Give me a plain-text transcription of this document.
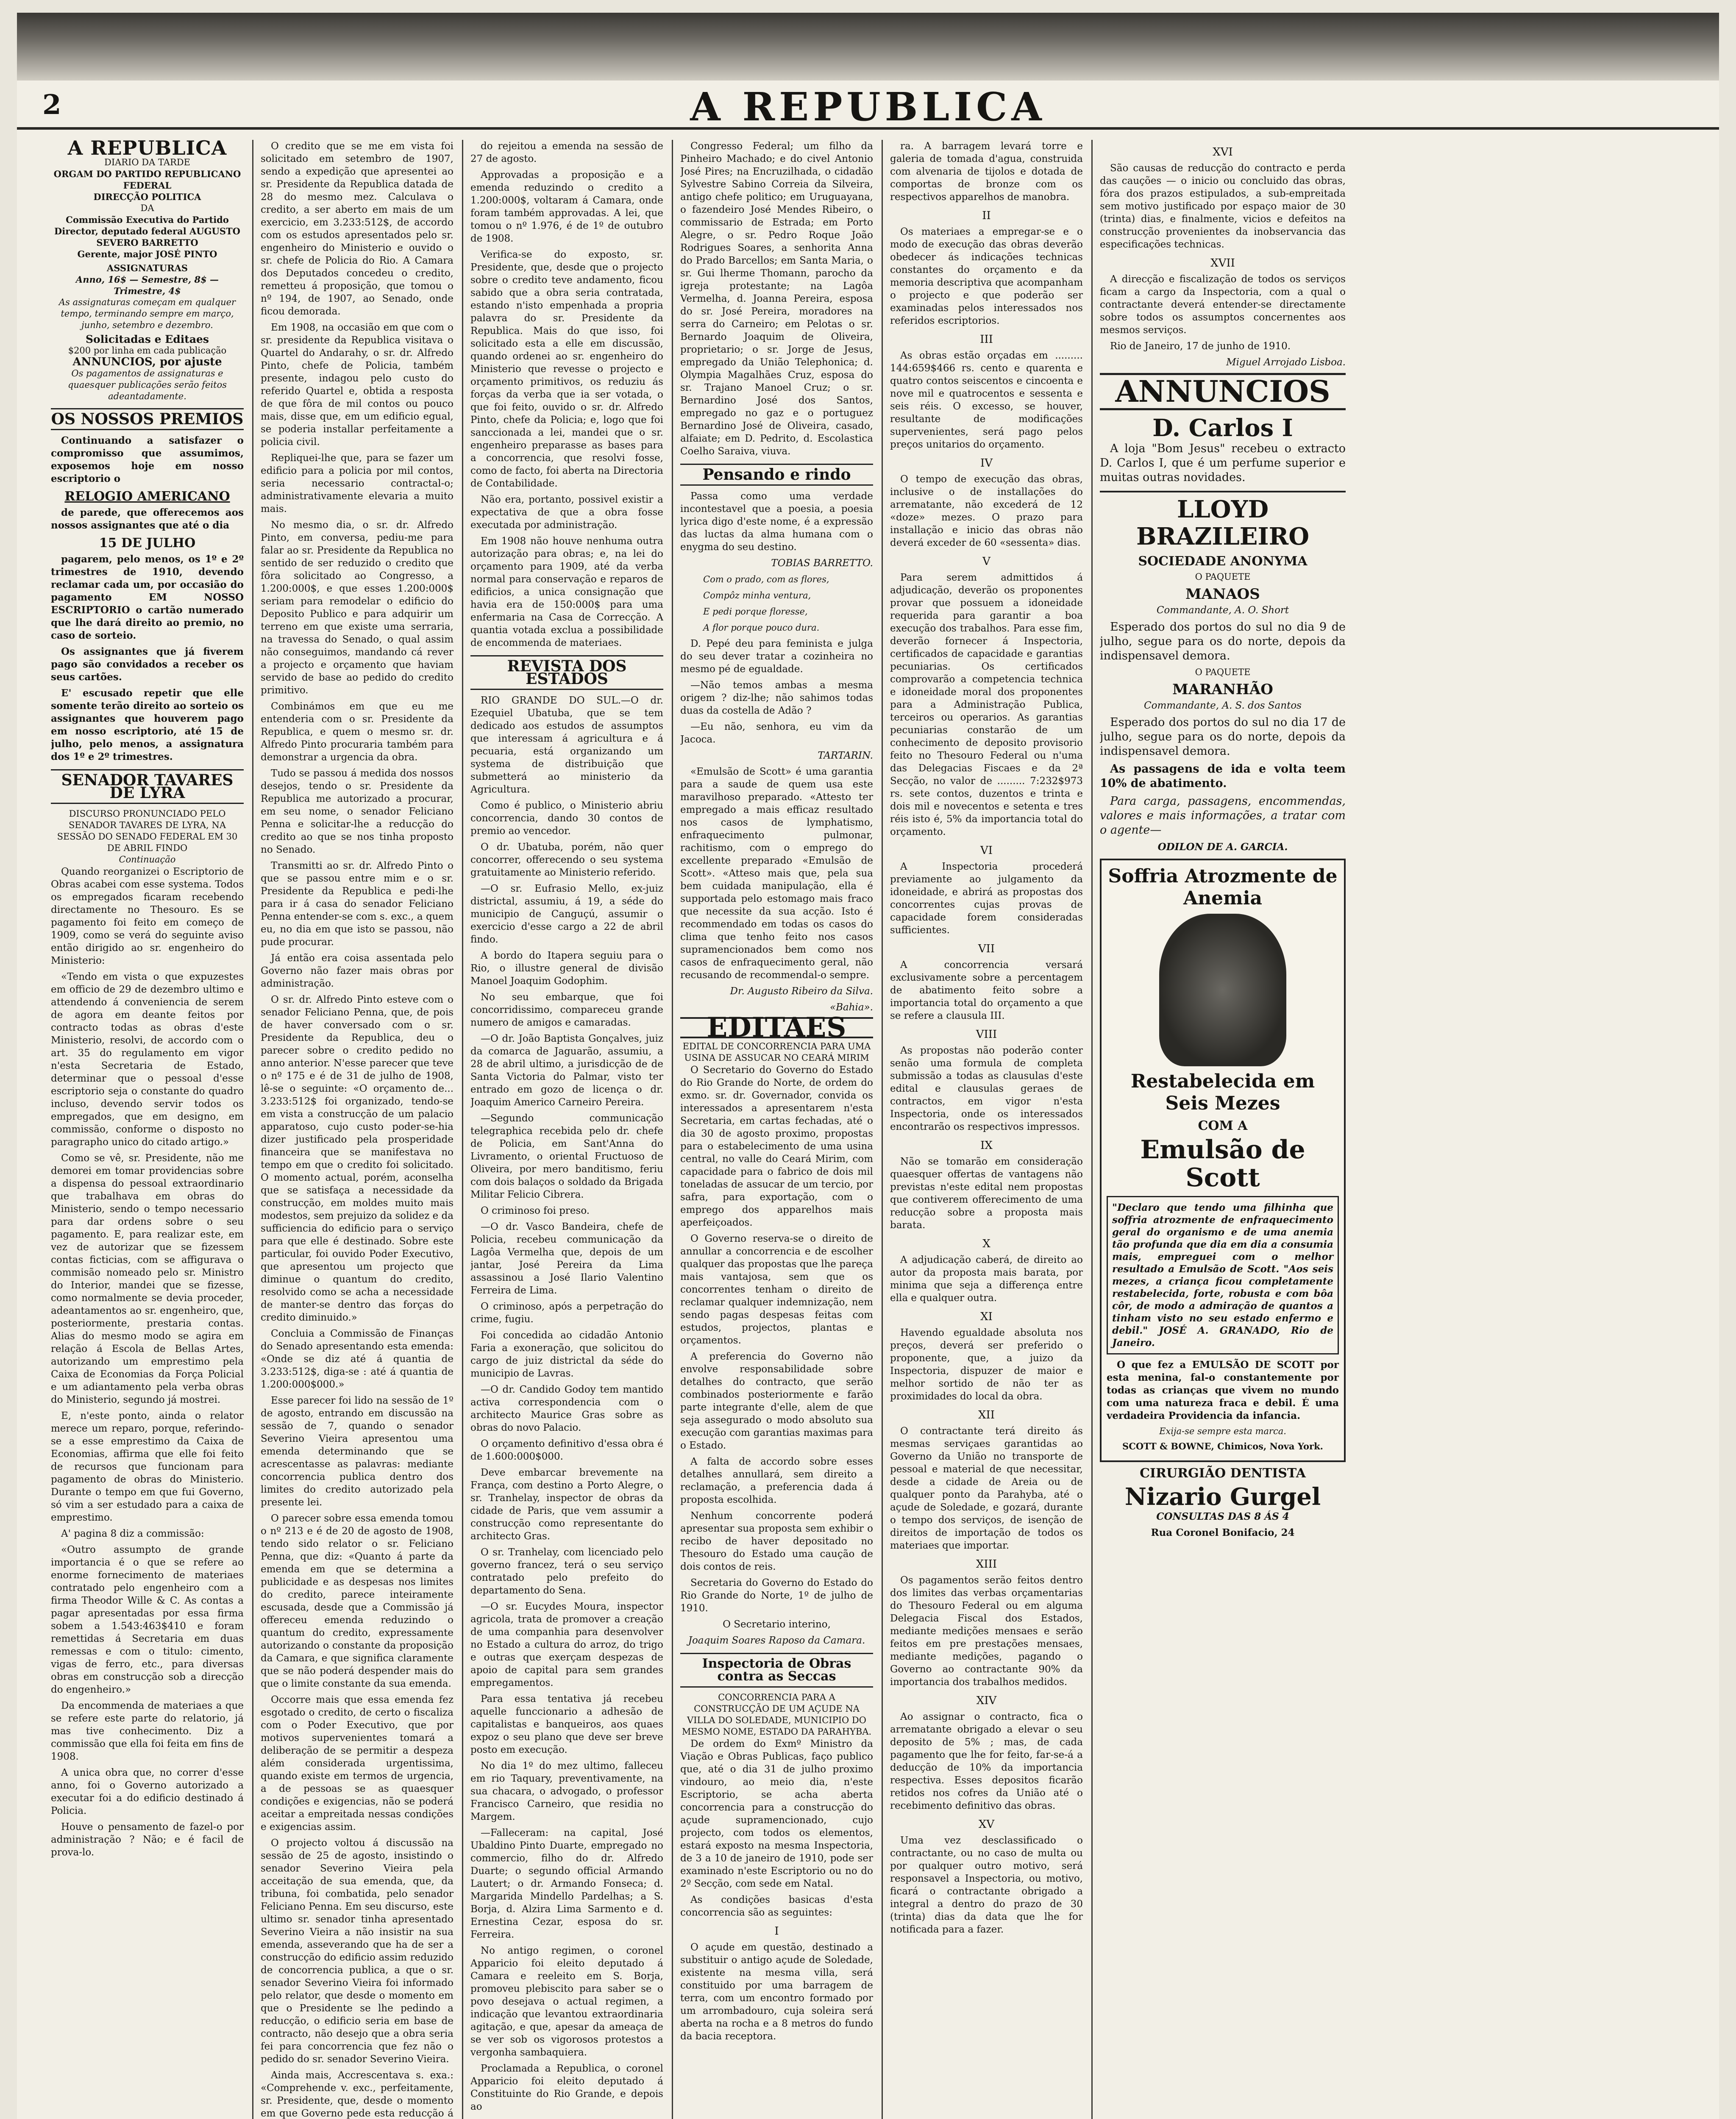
2	A REPUBLICA
A REPUBLICA
DIARIO DA TARDE
ORGAM DO PARTIDO REPUBLICANO FEDERAL
DIRECÇÃO POLITICA
DA
Commissão Executiva do Partido
Director, deputado federal AUGUSTO SEVERO BARRETTO
Gerente, major JOSÉ PINTO
ASSIGNATURAS
Anno, 16$ — Semestre, 8$ — Trimestre, 4$
As assignaturas começam em qualquer tempo, terminando sempre em março, junho, setembro e dezembro.
Solicitadas e Editaes
$200 por linha em cada publicação
ANNUNCIOS, por ajuste
Os pagamentos de assignaturas e quaesquer publicações serão feitos adeantadamente.
OS NOSSOS PREMIOS

Continuando a satisfazer o compromisso que assumimos, exposemos hoje em nosso escriptorio o

RELOGIO AMERICANO

de parede, que offerecemos aos nossos assignantes que até o dia

15 DE JULHO

pagarem, pelo menos, os 1º e 2º trimestres de 1910, devendo reclamar cada um, por occasião do pagamento EM NOSSO ESCRIPTORIO o cartão numerado que lhe dará direito ao premio, no caso de sorteio.

Os assignantes que já fiverem pago são convidados a receber os seus cartões.

E' escusado repetir que elle somente terão direito ao sorteio os assignantes que houverem pago em nosso escriptorio, até 15 de julho, pelo menos, a assignatura dos 1º e 2º trimestres.

SENADOR TAVARES DE LYRA
DISCURSO PRONUNCIADO PELO SENADOR TAVARES DE LYRA, NA SESSÃO DO SENADO FEDERAL EM 30 DE ABRIL FINDO
Continuação

Quando reorganizei o Escriptorio de Obras acabei com esse systema. Todos os empregados ficaram recebendo directamente no Thesouro. Es se pagamento foi feito em começo de 1909, como se verá do seguinte aviso então dirigido ao sr. engenheiro do Ministerio:

«Tendo em vista o que expuzestes em officio de 29 de dezembro ultimo e attendendo á conveniencia de serem de agora em deante feitos por contracto todas as obras d'este Ministerio, resolvi, de accordo com o art. 35 do regulamento em vigor n'esta Secretaria de Estado, determinar que o pessoal d'esse escriptorio seja o constante do quadro incluso, devendo servir todos os empregados, que em designo, em commissão, conforme o disposto no paragrapho unico do citado artigo.»

Como se vê, sr. Presidente, não me demorei em tomar providencias sobre a dispensa do pessoal extraordinario que trabalhava em obras do Ministerio, sendo o tempo necessario para dar ordens sobre o seu pagamento. E, para realizar este, em vez de autorizar que se fizessem contas ficticias, com se affigurava o commisão nomeado pelo sr. Ministro do Interior, mandei que se fizesse, como normalmente se devia proceder, adeantamentos ao sr. engenheiro, que, posteriormente, prestaria contas. Alias do mesmo modo se agira em relação á Escola de Bellas Artes, autorizando um emprestimo pela Caixa de Economias da Força Policial e um adiantamento pela verba obras do Ministerio, segundo já mostrei.

E, n'este ponto, ainda o relator merece um reparo, porque, referindo-se a esse emprestimo da Caixa de Economias, affirma que elle foi feito de recursos que funcionam para pagamento de obras do Ministerio. Durante o tempo em que fui Governo, só vim a ser estudado para a caixa de emprestimo.

A' pagina 8 diz a commissão:

«Outro assumpto de grande importancia é o que se refere ao enorme fornecimento de materiaes contratado pelo engenheiro com a firma Theodor Wille & C. As contas a pagar apresentadas por essa firma sobem a 1.543:463$410 e foram remettidas á Secretaria em duas remessas e com o titulo: cimento, vigas de ferro, etc., para diversas obras em construcção sob a direcção do engenheiro.»

Da encommenda de materiaes a que se refere este parte do relatorio, já mas tive conhecimento. Diz a commissão que ella foi feita em fins de 1908.

A unica obra que, no correr d'esse anno, foi o Governo autorizado a executar foi a do edificio destinado á Policia.

Houve o pensamento de fazel-o por administração ? Não; e é facil de prova-lo.

O credito que se me em vista foi solicitado em setembro de 1907, sendo a expedição que apresentei ao sr. Presidente da Republica datada de 28 do mesmo mez. Calculava o credito, a ser aberto em mais de um exercicio, em 3.233:512$, de accordo com os estudos apresentados pelo sr. engenheiro do Ministerio e ouvido o sr. chefe de Policia do Rio. A Camara dos Deputados concedeu o credito, remetteu á proposição, que tomou o nº 194, de 1907, ao Senado, onde ficou demorada.

Em 1908, na occasião em que com o sr. presidente da Republica visitava o Quartel do Andarahy, o sr. dr. Alfredo Pinto, chefe de Policia, também presente, indagou pelo custo do referido Quartel e, obtida a resposta de que fôra de mil contos ou pouco mais, disse que, em um edificio egual, se poderia installar perfeitamente a policia civil.

Repliquei-lhe que, para se fazer um edificio para a policia por mil contos, seria necessario contractal-o; administrativamente elevaria a muito mais.

No mesmo dia, o sr. dr. Alfredo Pinto, em conversa, pediu-me para falar ao sr. Presidente da Republica no sentido de ser reduzido o credito que fôra solicitado ao Congresso, a 1.200:000$, e que esses 1.200:000$ seriam para remodelar o edificio do Deposito Publico e para adquirir um terreno em que existe uma serraria, na travessa do Senado, o qual assim não conseguimos, mandando cá rever a projecto e orçamento que haviam servido de base ao pedido do credito primitivo.

Combinámos em que eu me entenderia com o sr. Presidente da Republica, e quem o mesmo sr. dr. Alfredo Pinto procuraria também para demonstrar a urgencia da obra.

Tudo se passou á medida dos nossos desejos, tendo o sr. Presidente da Republica me autorizado a procurar, em seu nome, o senador Feliciano Penna e solicitar-lhe a reducção do credito ao que se nos tinha proposto no Senado.

Transmitti ao sr. dr. Alfredo Pinto o que se passou entre mim e o sr. Presidente da Republica e pedi-lhe para ir á casa do senador Feliciano Penna entender-se com s. exc., a quem eu, no dia em que isto se passou, não pude procurar.

Já então era coisa assentada pelo Governo não fazer mais obras por administração.

O sr. dr. Alfredo Pinto esteve com o senador Feliciano Penna, que, de pois de haver conversado com o sr. Presidente da Republica, deu o parecer sobre o credito pedido no anno anterior. N'esse parecer que teve o nº 175 e é de 31 de julho de 1908, lê-se o seguinte: «O orçamento de... 3.233:512$ foi organizado, tendo-se em vista a construcção de um palacio apparatoso, cujo custo poder-se-hia dizer justificado pela prosperidade financeira que se manifestava no tempo em que o credito foi solicitado. O momento actual, porém, aconselha que se satisfaça a necessidade da construcção, em moldes muito mais modestos, sem prejuizo da solidez e da sufficiencia do edificio para o serviço para que elle é destinado. Sobre este particular, foi ouvido Poder Executivo, que apresentou um projecto que diminue o quantum do credito, resolvido como se acha a necessidade de manter-se dentro das forças do credito diminuido.»

Concluia a Commissão de Finanças do Senado apresentando esta emenda: «Onde se diz até á quantia de 3.233:512$, diga-se : até á quantia de 1.200:000$000.»

Esse parecer foi lido na sessão de 1º de agosto, entrando em discussão na sessão de 7, quando o senador Severino Vieira apresentou uma emenda determinando que se acrescentasse as palavras: mediante concorrencia publica dentro dos limites do credito autorizado pela presente lei.

O parecer sobre essa emenda tomou o nº 213 e é de 20 de agosto de 1908, tendo sido relator o sr. Feliciano Penna, que diz: «Quanto á parte da emenda em que se determina a publicidade e as despesas nos limites do credito, parece inteiramente escusada, desde que a Commissão já offereceu emenda reduzindo o quantum do credito, expressamente autorizando o constante da proposição da Camara, e que significa claramente que se não poderá despender mais do que o limite constante da sua emenda.

Occorre mais que essa emenda fez esgotado o credito, de certo o fiscaliza com o Poder Executivo, que por motivos supervenientes tomará a deliberação de se permitir a despeza além considerada urgentissima, quando existe em termos de urgencia, a de pessoas se as quaesquer condições e exigencias, não se poderá aceitar a empreitada nessas condições e exigencias assim.

O projecto voltou á discussão na sessão de 25 de agosto, insistindo o senador Severino Vieira pela acceitação de sua emenda, que, da tribuna, foi combatida, pelo senador Feliciano Penna. Em seu discurso, este ultimo sr. senador tinha apresentado Severino Vieira a não insistir na sua emenda, asseverando que ha de ser a construcção do edificio assim reduzido de concorrencia publica, a que o sr. senador Severino Vieira foi informado pelo relator, que desde o momento em que o Presidente se lhe pedindo a reducção, o edificio seria em base de contracto, não desejo que a obra seria fei para concorrencia que fez não o pedido do sr. senador Severino Vieira.

Ainda mais, Accrescentava s. exa.: «Comprehende v. exc., perfeitamente, sr. Presidente, que, desde o momento em que Governo pede esta reducção á

do rejeitou a emenda na sessão de 27 de agosto.

Approvadas a proposição e a emenda reduzindo o credito a 1.200:000$, voltaram á Camara, onde foram também approvadas. A lei, que tomou o nº 1.976, é de 1º de outubro de 1908.

Verifica-se do exposto, sr. Presidente, que, desde que o projecto sobre o credito teve andamento, ficou sabido que a obra seria contratada, estando n'isto empenhada a propria palavra do sr. Presidente da Republica. Mais do que isso, foi solicitado esta a elle em discussão, quando ordenei ao sr. engenheiro do Ministerio que revesse o projecto e orçamento primitivos, os reduziu ás forças da verba que ia ser votada, o que foi feito, ouvido o sr. dr. Alfredo Pinto, chefe da Policia; e, logo que foi sanccionada a lei, mandei que o sr. engenheiro preparasse as bases para a concorrencia, que resolvi fosse, como de facto, foi aberta na Directoria de Contabilidade.

Não era, portanto, possivel existir a expectativa de que a obra fosse executada por administração.

Em 1908 não houve nenhuma outra autorização para obras; e, na lei do orçamento para 1909, até da verba normal para conservação e reparos de edificios, a unica consignação que havia era de 150:000$ para uma enfermaria na Casa de Correcção. A quantia votada exclua a possibilidade de encommenda de materiaes.

REVISTA DOS ESTADOS

RIO GRANDE DO SUL.—O dr. Ezequiel Ubatuba, que se tem dedicado aos estudos de assumptos que interessam á agricultura e á pecuaria, está organizando um systema de distribuição que submetterá ao ministerio da Agricultura.

Como é publico, o Ministerio abriu concorrencia, dando 30 contos de premio ao vencedor.

O dr. Ubatuba, porém, não quer concorrer, offerecendo o seu systema gratuitamente ao Ministerio referido.

—O sr. Eufrasio Mello, ex-juiz districtal, assumiu, á 19, a séde do municipio de Canguçú, assumir o exercicio d'esse cargo a 22 de abril findo.

A bordo do Itapera seguiu para o Rio, o illustre general de divisão Manoel Joaquim Godophim.

No seu embarque, que foi concorridissimo, compareceu grande numero de amigos e camaradas.

—O dr. João Baptista Gonçalves, juiz da comarca de Jaguarão, assumiu, a 28 de abril ultimo, a jurisdicção de de Santa Victoria do Palmar, visto ter entrado em gozo de licença o dr. Joaquim Americo Carneiro Pereira.

—Segundo communicação telegraphica recebida pelo dr. chefe de Policia, em Sant'Anna do Livramento, o oriental Fructuoso de Oliveira, por mero banditismo, feriu com dois balaços o soldado da Brigada Militar Felicio Cibrera.

O criminoso foi preso.

—O dr. Vasco Bandeira, chefe de Policia, recebeu communicação da Lagôa Vermelha que, depois de um jantar, José Pereira da Lima assassinou a José Ilario Valentino Ferreira de Lima.

O criminoso, após a perpetração do crime, fugiu.

Foi concedida ao cidadão Antonio Faria a exoneração, que solicitou do cargo de juiz districtal da séde do municipio de Lavras.

—O dr. Candido Godoy tem mantido activa correspondencia com o architecto Maurice Gras sobre as obras do novo Palacio.

O orçamento definitivo d'essa obra é de 1.600:000$000.

Deve embarcar brevemente na França, com destino a Porto Alegre, o sr. Tranhelay, inspector de obras da cidade de Paris, que vem assumir a construcção como representante do architecto Gras.

O sr. Tranhelay, com licenciado pelo governo francez, terá o seu serviço contratado pelo prefeito do departamento do Sena.

—O sr. Eucydes Moura, inspector agricola, trata de promover a creação de uma companhia para desenvolver no Estado a cultura do arroz, do trigo e outras que exerçam despezas de apoio de capital para sem grandes empregamentos.

Para essa tentativa já recebeu aquelle funccionario a adhesão de capitalistas e banqueiros, aos quaes expoz o seu plano que deve ser breve posto em execução.

No dia 1º do mez ultimo, falleceu em rio Taquary, preventivamente, na sua chacara, o advogado, o professor Francisco Carneiro, que residia no Margem.

—Falleceram: na capital, José Ubaldino Pinto Duarte, empregado no commercio, filho do dr. Alfredo Duarte; o segundo official Armando Lautert; o dr. Armando Fonseca; d. Margarida Mindello Pardelhas; a S. Borja, d. Alzira Lima Sarmento e d. Ernestina Cezar, esposa do sr. Ferreira.

No antigo regimen, o coronel Apparicio foi eleito deputado á Camara e reeleito em S. Borja, promoveu plebiscito para saber se o povo desejava o actual regimen, a indicação que levantou extraordinaria agitação, e que, apesar da ameaça de se ver sob os vigorosos protestos a vergonha sambaquiera.

Proclamada a Republica, o coronel Apparicio foi eleito deputado á Constituinte do Rio Grande, e depois ao

Congresso Federal; um filho da Pinheiro Machado; e do civel Antonio José Pires; na Encruzilhada, o cidadão Sylvestre Sabino Correia da Silveira, antigo chefe politico; em Uruguayana, o fazendeiro José Mendes Ribeiro, o commissario de Estrada; em Porto Alegre, o sr. Pedro Roque João Rodrigues Soares, a senhorita Anna do Prado Barcellos; em Santa Maria, o sr. Gui lherme Thomann, parocho da igreja protestante; na Lagôa Vermelha, d. Joanna Pereira, esposa do sr. José Pereira, moradores na serra do Carneiro; em Pelotas o sr. Bernardo Joaquim de Oliveira, proprietario; o sr. Jorge de Jesus, empregado da União Telephonica; d. Olympia Magalhães Cruz, esposa do sr. Trajano Manoel Cruz; o sr. Bernardino José dos Santos, empregado no gaz e o portuguez Bernardino José de Oliveira, casado, alfaiate; em D. Pedrito, d. Escolastica Coelho Saraiva, viuva.

Pensando e rindo

Passa como uma verdade incontestavel que a poesia, a poesia lyrica digo d'este nome, é a expressão das luctas da alma humana com o enygma do seu destino.

TOBIAS BARRETTO.

Com o prado, com as flores,

Compôz minha ventura,

E pedi porque floresse,

A flor porque pouco dura.

D. Pepé deu para feminista e julga do seu dever tratar a cozinheira no mesmo pé de egualdade.

—Não temos ambas a mesma origem ? diz-lhe; não sahimos todas duas da costella de Adão ?

—Eu não, senhora, eu vim da Jacoca.

TARTARIN.

«Emulsão de Scott» é uma garantia para a saude de quem usa este maravilhoso preparado. «Attesto ter empregado a mais efficaz resultado nos casos de lymphatismo, enfraquecimento pulmonar, rachitismo, com o emprego do excellente preparado «Emulsão de Scott». «Atteso mais que, pela sua bem cuidada manipulação, ella é supportada pelo estomago mais fraco que necessite da sua acção. Isto é recommendado em todas os casos do clima que tenho feito nos casos supramencionados bem como nos casos de enfraquecimento geral, não recusando de recommendal-o sempre.

Dr. Augusto Ribeiro da Silva.

«Bahia».

EDITAES
EDITAL DE CONCORRENCIA PARA UMA USINA DE ASSUCAR NO CEARÁ MIRIM

O Secretario do Governo do Estado do Rio Grande do Norte, de ordem do exmo. sr. dr. Governador, convida os interessados a apresentarem n'esta Secretaria, em cartas fechadas, até o dia 30 de agosto proximo, propostas para o estabelecimento de uma usina central, no valle do Ceará Mirim, com capacidade para o fabrico de dois mil toneladas de assucar de um tercio, por safra, para exportação, com o emprego dos apparelhos mais aperfeiçoados.

O Governo reserva-se o direito de annullar a concorrencia e de escolher qualquer das propostas que lhe pareça mais vantajosa, sem que os concorrentes tenham o direito de reclamar qualquer indemnização, nem sendo pagas despesas feitas com estudos, projectos, plantas e orçamentos.

A preferencia do Governo não envolve responsabilidade sobre detalhes do contracto, que serão combinados posteriormente e farão parte integrante d'elle, alem de que seja assegurado o modo absoluto sua execução com garantias maximas para o Estado.

A falta de accordo sobre esses detalhes annullará, sem direito a reclamação, a preferencia dada á proposta escolhida.

Nenhum concorrente poderá apresentar sua proposta sem exhibir o recibo de haver depositado no Thesouro do Estado uma caução de dois contos de reis.

Secretaria do Governo do Estado do Rio Grande do Norte, 1º de julho de 1910.

O Secretario interino,

Joaquim Soares Raposo da Camara.

Inspectoria de Obras contra as Seccas
CONCORRENCIA PARA A CONSTRUCÇÃO DE UM AÇUDE NA VILLA DO SOLEDADE, MUNICIPIO DO MESMO NOME, ESTADO DA PARAHYBA.

De ordem do Exmº Ministro da Viação e Obras Publicas, faço publico que, até o dia 31 de julho proximo vindouro, ao meio dia, n'este Escriptorio, se acha aberta concorrencia para a construcção do açude supramencionado, cujo projecto, com todos os elementos, estará exposto na mesma Inspectoria, de 3 a 10 de janeiro de 1910, pode ser examinado n'este Escriptorio ou no do 2º Secção, com sede em Natal.

As condições basicas d'esta concorrencia são as seguintes:

I

O açude em questão, destinado a substituir o antigo açude de Soledade, existente na mesma villa, será constituido por uma barragem de terra, com um encontro formado por um arrombadouro, cuja soleira será aberta na rocha e a 8 metros do fundo da bacia receptora.

ra. A barragem levará torre e galeria de tomada d'agua, construida com alvenaria de tijolos e dotada de comportas de bronze com os respectivos apparelhos de manobra.

II

Os materiaes a empregar-se e o modo de execução das obras deverão obedecer ás indicações technicas constantes do orçamento e da memoria descriptiva que acompanham o projecto e que poderão ser examinadas pelos interessados nos referidos escriptorios.

III

As obras estão orçadas em ......... 144:659$466 rs. cento e quarenta e quatro contos seiscentos e cincoenta e nove mil e quatrocentos e sessenta e seis réis. O excesso, se houver, resultante de modificações supervenientes, será pago pelos preços unitarios do orçamento.

IV

O tempo de execução das obras, inclusive o de installações do arrematante, não excederá de 12 «doze» mezes. O prazo para installação e inicio das obras não deverá exceder de 60 «sessenta» dias.

V

Para serem admittidos á adjudicação, deverão os proponentes provar que possuem a idoneidade requerida para garantir a boa execução dos trabalhos. Para esse fim, deverão fornecer á Inspectoria, certificados de capacidade e garantias pecuniarias. Os certificados comprovarão a competencia technica e idoneidade moral dos proponentes para a Administração Publica, terceiros ou operarios. As garantias pecuniarias constarão de um conhecimento de deposito provisorio feito no Thesouro Federal ou n'uma das Delegacias Fiscaes e da 2ª Secção, no valor de ......... 7:232$973 rs. sete contos, duzentos e trinta e dois mil e novecentos e setenta e tres réis isto é, 5% da importancia total do orçamento.

VI

A Inspectoria procederá previamente ao julgamento da idoneidade, e abrirá as propostas dos concorrentes cujas provas de capacidade forem consideradas sufficientes.

VII

A concorrencia versará exclusivamente sobre a percentagem de abatimento feito sobre a importancia total do orçamento a que se refere a clausula III.

VIII

As propostas não poderão conter senão uma formula de completa submissão a todas as clausulas d'este edital e clausulas geraes de contractos, em vigor n'esta Inspectoria, onde os interessados encontrarão os respectivos impressos.

IX

Não se tomarão em consideração quaesquer offertas de vantagens não previstas n'este edital nem propostas que contiverem offerecimento de uma reducção sobre a proposta mais barata.

X

A adjudicação caberá, de direito ao autor da proposta mais barata, por minima que seja a differença entre ella e qualquer outra.

XI

Havendo egualdade absoluta nos preços, deverá ser preferido o proponente, que, a juizo da Inspectoria, dispuzer de maior e melhor sortido de não ter as proximidades do local da obra.

XII

O contractante terá direito ás mesmas serviçaes garantidas ao Governo da União no transporte de pessoal e material de que necessitar, desde a cidade de Areia ou de qualquer ponto da Parahyba, até o açude de Soledade, e gozará, durante o tempo dos serviços, de isenção de direitos de importação de todos os materiaes que importar.

XIII

Os pagamentos serão feitos dentro dos limites das verbas orçamentarias do Thesouro Federal ou em alguma Delegacia Fiscal dos Estados, mediante medições mensaes e serão feitos em pre prestações mensaes, mediante medições, pagando o Governo ao contractante 90% da importancia dos trabalhos medidos.

XIV

Ao assignar o contracto, fica o arrematante obrigado a elevar o seu deposito de 5% ; mas, de cada pagamento que lhe for feito, far-se-á a deducção de 10% da importancia respectiva. Esses depositos ficarão retidos nos cofres da União até o recebimento definitivo das obras.

XV

Uma vez desclassificado o contractante, ou no caso de multa ou por qualquer outro motivo, será responsavel a Inspectoria, ou motivo, ficará o contractante obrigado a integral a dentro do prazo de 30 (trinta) dias da data que lhe for notificada para a fazer.

XVI

São causas de reducção do contracto e perda das cauções — o inicio ou concluido das obras, fóra dos prazos estipulados, a sub-empreitada sem motivo justificado por espaço maior de 30 (trinta) dias, e finalmente, vicios e defeitos na construcção provenientes da inobservancia das especificações technicas.

XVII

A direcção e fiscalização de todos os serviços ficam a cargo da Inspectoria, com a qual o contractante deverá entender-se directamente sobre todos os assumptos concernentes aos mesmos serviços.

Rio de Janeiro, 17 de junho de 1910.

Miguel Arrojado Lisboa.

ANNUNCIOS
D. Carlos I

A loja "Bom Jesus" recebeu o extracto D. Carlos I, que é um perfume superior e muitas outras novidades.

LLOYD BRAZILEIRO
SOCIEDADE ANONYMA

O PAQUETE

MANAOS

Commandante, A. O. Short

Esperado dos portos do sul no dia 9 de julho, segue para os do norte, depois da indispensavel demora.

O PAQUETE

MARANHÃO

Commandante, A. S. dos Santos

Esperado dos portos do sul no dia 17 de julho, segue para os do norte, depois da indispensavel demora.

As passagens de ida e volta teem 10% de abatimento.

Para carga, passagens, encommendas, valores e mais informações, a tratar com o agente—

ODILON DE A. GARCIA.

Soffria Atrozmente de Anemia
Restabelecida em Seis Mezes
COM A
Emulsão de Scott
"Declaro que tendo uma filhinha que soffria atrozmente de enfraquecimento geral do organismo e de uma anemia tão profunda que dia em dia a consumia mais, empreguei com o melhor resultado a Emulsão de Scott. "Aos seis mezes, a criança ficou completamente restabelecida, forte, robusta e com bôa côr, de modo a admiração de quantos a tinham visto no seu estado enfermo e debil." JOSÉ A. GRANADO, Rio de Janeiro.

O que fez a EMULSÃO DE SCOTT por esta menina, fal-o constantemente por todas as crianças que vivem no mundo com uma natureza fraca e debil. É uma verdadeira Providencia da infancia.

Exija-se sempre esta marca.

SCOTT & BOWNE, Chimicos, Nova York.

CIRURGIÃO DENTISTA
Nizario Gurgel

CONSULTAS DAS 8 ÁS 4

Rua Coronel Bonifacio, 24
